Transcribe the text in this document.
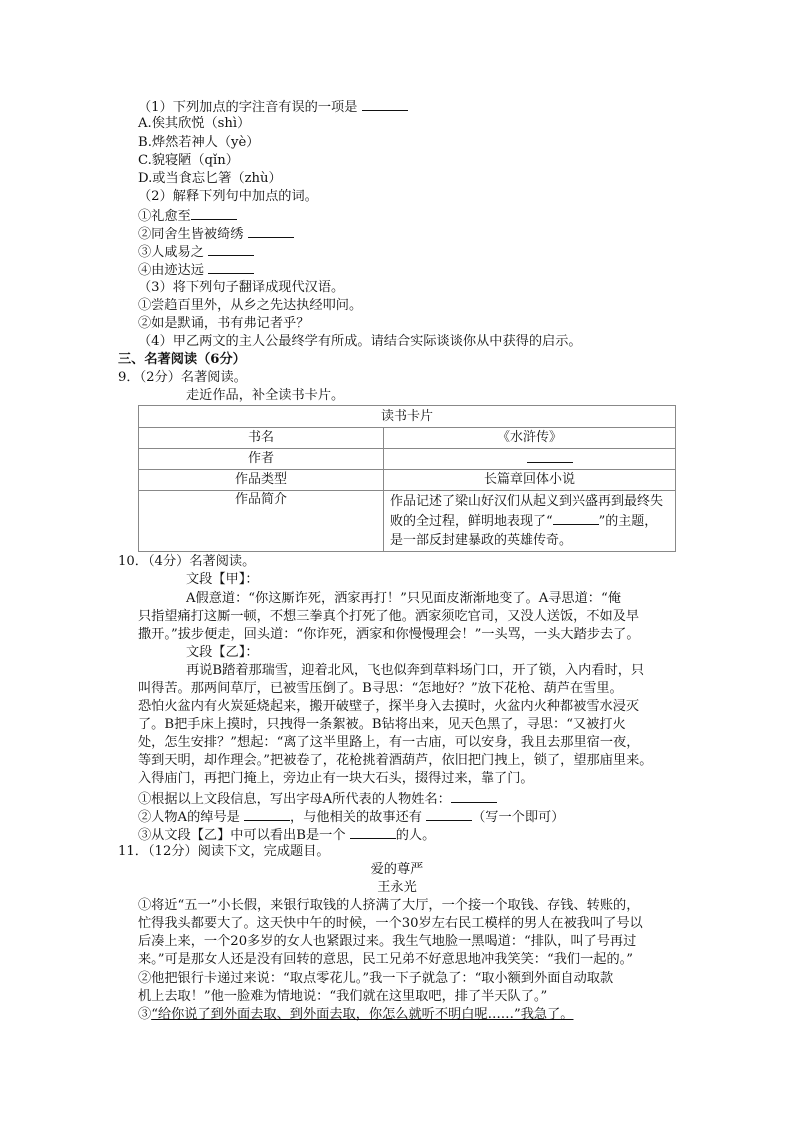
（1）下列加点的字注音有误的一项是
A.俟其欣悦（shì）
B.烨然若神人（yè）
C.貌寝陋（qǐn）
D.或当食忘匕箸（zhù）
（2）解释下列句中加点的词。
①礼愈至
②同舍生皆被绮绣
③人咸易之
④由迹达远
（3）将下列句子翻译成现代汉语。
①尝趋百里外，从乡之先达执经叩问。
②如是默诵，书有弗记者乎？
（4）甲乙两文的主人公最终学有所成。请结合实际谈谈你从中获得的启示。
三、名著阅读（6分）
9．（2分）名著阅读。
走近作品，补全读书卡片。
读书卡片	
书名	《水浒传》
作者	
作品类型	长篇章回体小说
作品简介	作品记述了梁山好汉们从起义到兴盛再到最终失败的全过程，鲜明地表现了“ ”的主题，是一部反封建暴政的英雄传奇。
10．（4分）名著阅读。
文段【甲】：
A假意道：“你这厮诈死，洒家再打！”只见面皮渐渐地变了。A寻思道：“俺
只指望痛打这厮一顿，不想三拳真个打死了他。洒家须吃官司，又没人送饭，不如及早
撒开。”拔步便走，回头道：“你诈死，洒家和你慢慢理会！”一头骂，一头大踏步去了。
文段【乙】：
再说B踏着那瑞雪，迎着北风，飞也似奔到草料场门口，开了锁，入内看时，只
叫得苦。那两间草厅，已被雪压倒了。B寻思：“怎地好？”放下花枪、葫芦在雪里。
恐怕火盆内有火炭延烧起来，搬开破壁子，探半身入去摸时，火盆内火种都被雪水浸灭
了。B把手床上摸时，只拽得一条絮被。B钻将出来，见天色黑了，寻思：“又被打火
处，怎生安排？”想起：“离了这半里路上，有一古庙，可以安身，我且去那里宿一夜，
等到天明，却作理会。”把被卷了，花枪挑着酒葫芦，依旧把门拽上，锁了，望那庙里来。
入得庙门，再把门掩上，旁边止有一块大石头，掇得过来，靠了门。
①根据以上文段信息，写出字母A所代表的人物姓名：
②人物A的绰号是	，与他相关的故事还有	（写一个即可）
③从文段【乙】中可以看出B是一个	的人。
11．（12分）阅读下文，完成题目。
爱的尊严
王永光
①将近“五一”小长假，来银行取钱的人挤满了大厅，一个接一个取钱、存钱、转账的，
忙得我头都要大了。这天快中午的时候，一个30岁左右民工模样的男人在被我叫了号以
后凑上来，一个20多岁的女人也紧跟过来。我生气地脸一黑喝道：“排队，叫了号再过
来。”可是那女人还是没有回转的意思，民工兄弟不好意思地冲我笑笑：“我们一起的。”
②他把银行卡递过来说：“取点零花儿。”我一下子就急了：“取小额到外面自动取款
机上去取！”他一脸难为情地说：“我们就在这里取吧，排了半天队了。”
③“给你说了到外面去取、到外面去取，你怎么就听不明白呢……”我急了。
